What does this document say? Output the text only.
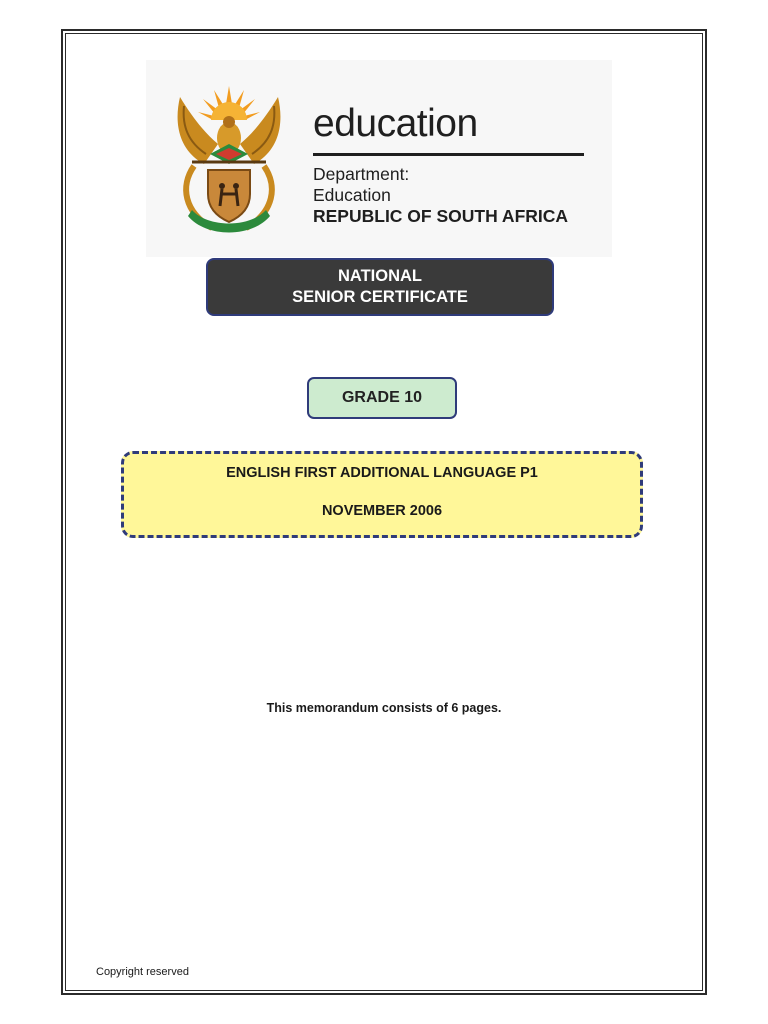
education
Department:
Education
REPUBLIC OF SOUTH AFRICA
NATIONAL
SENIOR CERTIFICATE
GRADE 10
ENGLISH FIRST ADDITIONAL LANGUAGE P1
NOVEMBER 2006
This memorandum consists of 6 pages.
Copyright reserved
